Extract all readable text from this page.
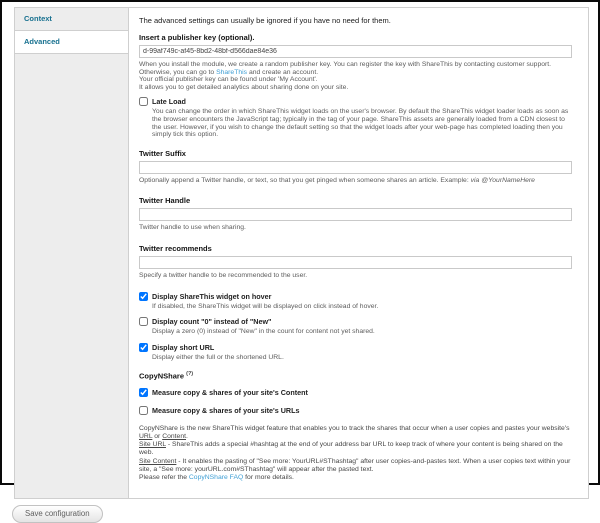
Context
Advanced
The advanced settings can usually be ignored if you have no need for them.
Insert a publisher key (optional).
d-99af749c-af45-8bd2-48bf-d566dae84e36
When you install the module, we create a random publisher key. You can register the key with ShareThis by contacting customer support. Otherwise, you can go to ShareThis and create an account.
Your official publisher key can be found under 'My Account'.
It allows you to get detailed analytics about sharing done on your site.
Late Load
You can change the order in which ShareThis widget loads on the user's browser. By default the ShareThis widget loader loads as soon as the browser encounters the JavaScript tag; typically in the tag of your page. ShareThis assets are generally loaded from a CDN closest to the user. However, if you wish to change the default setting so that the widget loads after your web-page has completed loading then you simply tick this option.
Twitter Suffix
Optionally append a Twitter handle, or text, so that you get pinged when someone shares an article. Example: via @YourNameHere
Twitter Handle
Twitter handle to use when sharing.
Twitter recommends
Specify a twitter handle to be recommended to the user.
Display ShareThis widget on hover
If disabled, the ShareThis widget will be displayed on click instead of hover.
Display count "0" instead of "New"
Display a zero (0) instead of "New" in the count for content not yet shared.
Display short URL
Display either the full or the shortened URL.
CopyNShare (?)
Measure copy & shares of your site's Content
Measure copy & shares of your site's URLs
CopyNShare is the new ShareThis widget feature that enables you to track the shares that occur when a user copies and pastes your website's URL or Content.
Site URL - ShareThis adds a special #hashtag at the end of your address bar URL to keep track of where your content is being shared on the web.
Site Content - It enables the pasting of "See more: YourURL#SThashtag" after user copies-and-pastes text. When a user copies text within your site, a "See more: yourURL.com#SThashtag" will appear after the pasted text.
Please refer the CopyNShare FAQ for more details.
Save configuration
